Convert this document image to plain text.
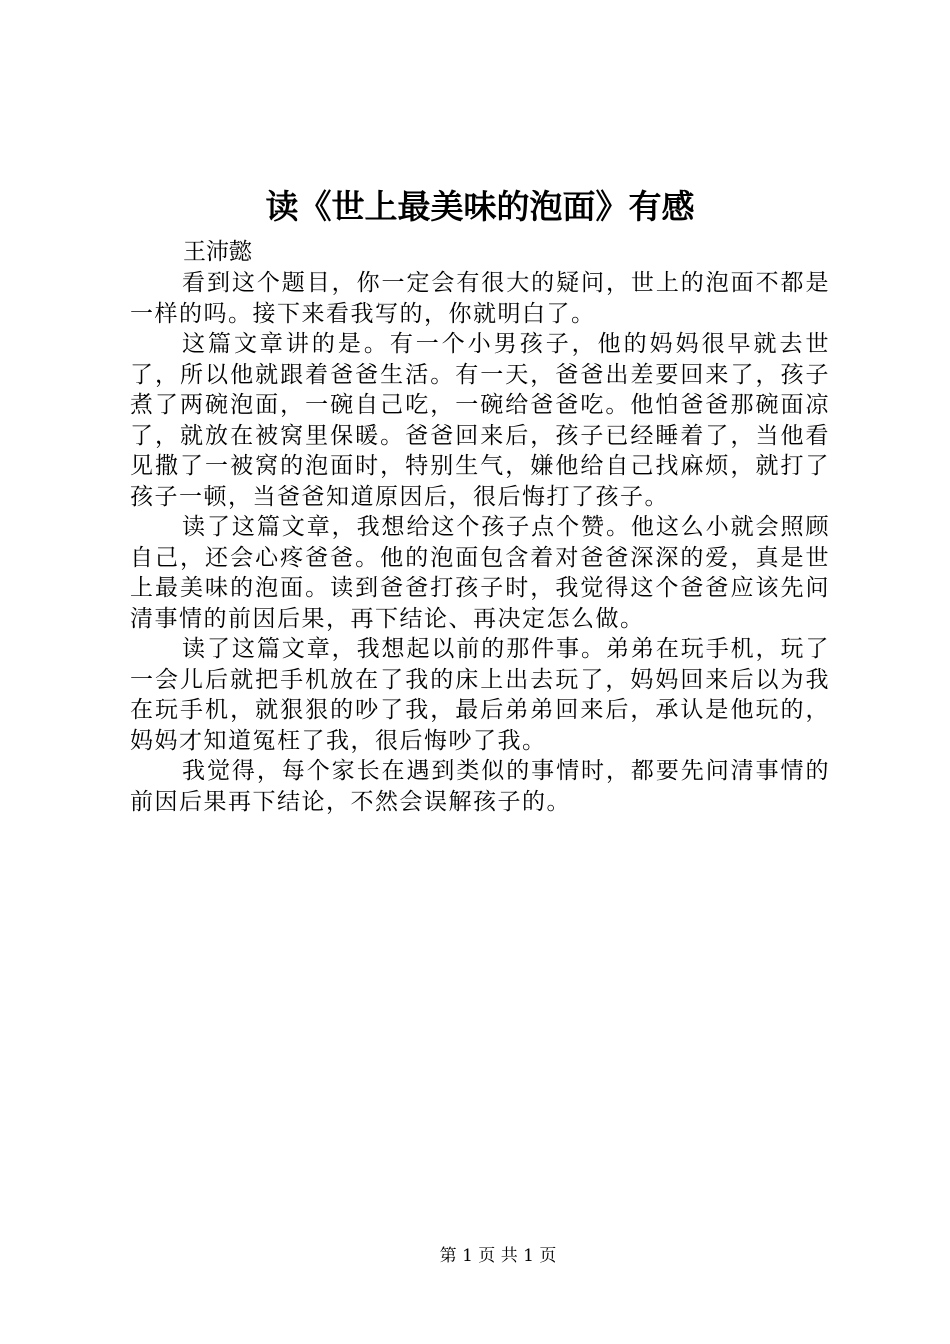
读《世上最美味的泡面》有感

王沛懿

看到这个题目，你一定会有很大的疑问，世上的泡面不都是一样的吗。接下来看我写的，你就明白了。

这篇文章讲的是。有一个小男孩子，他的妈妈很早就去世了，所以他就跟着爸爸生活。有一天，爸爸出差要回来了，孩子煮了两碗泡面，一碗自己吃，一碗给爸爸吃。他怕爸爸那碗面凉了，就放在被窝里保暖。爸爸回来后，孩子已经睡着了，当他看见撒了一被窝的泡面时，特别生气，嫌他给自己找麻烦，就打了孩子一顿，当爸爸知道原因后，很后悔打了孩子。

读了这篇文章，我想给这个孩子点个赞。他这么小就会照顾自己，还会心疼爸爸。他的泡面包含着对爸爸深深的爱，真是世上最美味的泡面。读到爸爸打孩子时，我觉得这个爸爸应该先问清事情的前因后果，再下结论、再决定怎么做。

读了这篇文章，我想起以前的那件事。弟弟在玩手机，玩了一会儿后就把手机放在了我的床上出去玩了，妈妈回来后以为我在玩手机，就狠狠的吵了我，最后弟弟回来后，承认是他玩的，妈妈才知道冤枉了我，很后悔吵了我。

我觉得，每个家长在遇到类似的事情时，都要先问清事情的前因后果再下结论，不然会误解孩子的。

第 1 页 共 1 页
